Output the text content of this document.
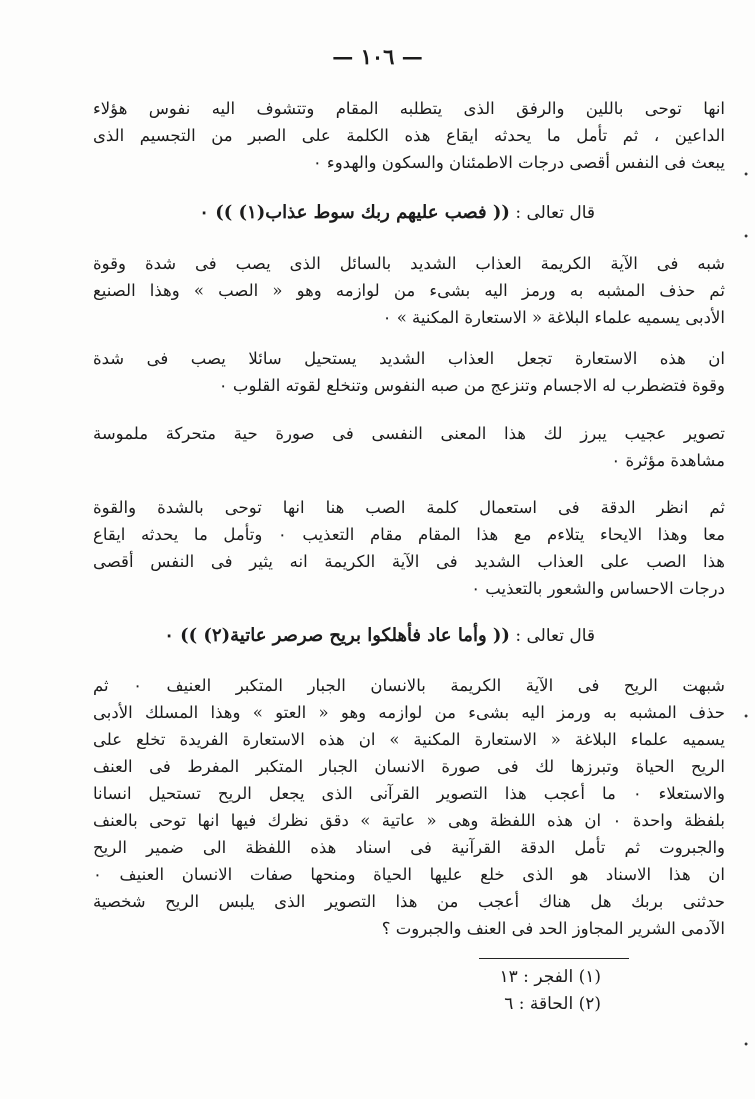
— ١٠٦ —
انها توحى باللين والرفق الذى يتطلبه المقام وتتشوف اليه نفوس هؤلاء
الداعين ، ثم تأمل ما يحدثه ايقاع هذه الكلمة على الصبر من التجسيم الذى
يبعث فى النفس أقصى درجات الاطمئنان والسكون والهدوء ٠
قال تعالى : (( فصب عليهم ربك سوط عذاب(١) )) ٠
شبه فى الآية الكريمة العذاب الشديد بالسائل الذى يصب فى شدة وقوة
ثم حذف المشبه به ورمز اليه بشىء من لوازمه وهو « الصب » وهذا الصنيع
الأدبى يسميه علماء البلاغة « الاستعارة المكنية » ٠
ان هذه الاستعارة تجعل العذاب الشديد يستحيل سائلا يصب فى شدة
وقوة فتضطرب له الاجسام وتنزعج من صبه النفوس وتنخلع لقوته القلوب ٠
تصوير عجيب يبرز لك هذا المعنى النفسى فى صورة حية متحركة ملموسة
مشاهدة مؤثرة ٠
ثم انظر الدقة فى استعمال كلمة الصب هنا انها توحى بالشدة والقوة
معا وهذا الايحاء يتلاءم مع هذا المقام مقام التعذيب ٠ وتأمل ما يحدثه ايقاع
هذا الصب على العذاب الشديد فى الآية الكريمة انه يثير فى النفس أقصى
درجات الاحساس والشعور بالتعذيب ٠
قال تعالى : (( وأما عاد فأهلكوا بريح صرصر عاتية(٢) )) ٠
شبهت الريح فى الآية الكريمة بالانسان الجبار المتكبر العنيف ٠ ثم
حذف المشبه به ورمز اليه بشىء من لوازمه وهو « العتو » وهذا المسلك الأدبى
يسميه علماء البلاغة « الاستعارة المكنية » ان هذه الاستعارة الفريدة تخلع على
الريح الحياة وتبرزها لك فى صورة الانسان الجبار المتكبر المفرط فى العنف
والاستعلاء ٠ ما أعجب هذا التصوير القرآنى الذى يجعل الريح تستحيل انسانا
بلفظة واحدة ٠ ان هذه اللفظة وهى « عاتية » دقق نظرك فيها انها توحى بالعنف
والجبروت ثم تأمل الدقة القرآنية فى اسناد هذه اللفظة الى ضمير الريح
ان هذا الاسناد هو الذى خلع عليها الحياة ومنحها صفات الانسان العنيف ٠
حدثنى بربك هل هناك أعجب من هذا التصوير الذى يلبس الريح شخصية
الآدمى الشرير المجاوز الحد فى العنف والجبروت ؟
(١) الفجر : ١٣
(٢) الحاقة : ٦
•
•
•
•
